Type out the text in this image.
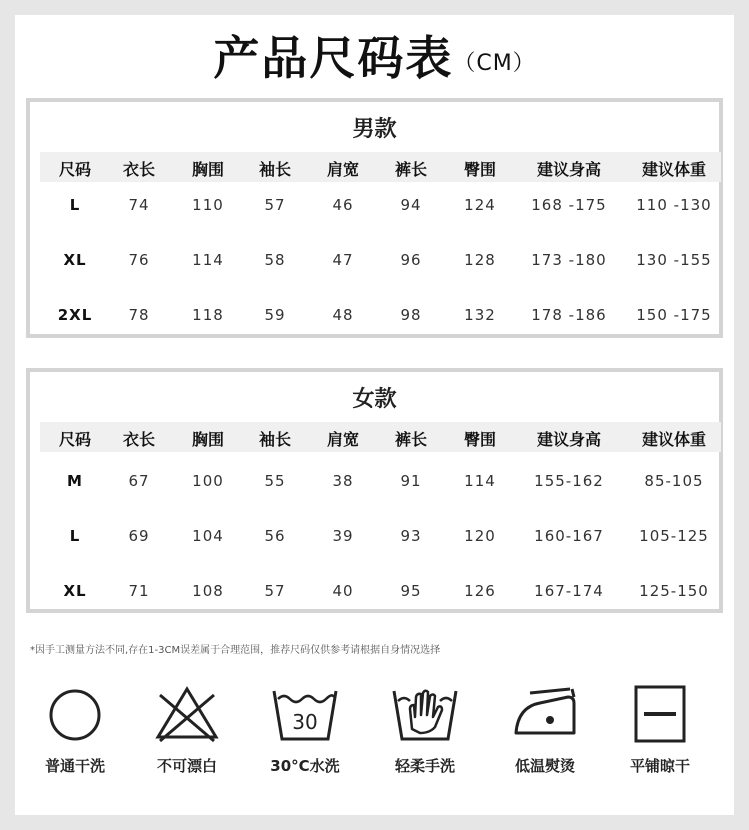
产品尺码表（CM）
男款
尺码	衣长	胸围	袖长	肩宽	裤长	臀围	建议身高	建议体重
L	74	110	57	46	94	124	168 -175	110 -130
XL	76	114	58	47	96	128	173 -180	130 -155
2XL	78	118	59	48	98	132	178 -186	150 -175
女款
尺码	衣长	胸围	袖长	肩宽	裤长	臀围	建议身高	建议体重
M	67	100	55	38	91	114	155-162	85-105
L	69	104	56	39	93	120	160-167	105-125
XL	71	108	57	40	95	126	167-174	125-150
*因手工测量方法不同,存在1-3CM误差属于合理范围，推荐尺码仅供参考请根据自身情况选择
普通干洗	不可漂白
30
30°C水洗	轻柔手洗	低温熨烫	平铺晾干
